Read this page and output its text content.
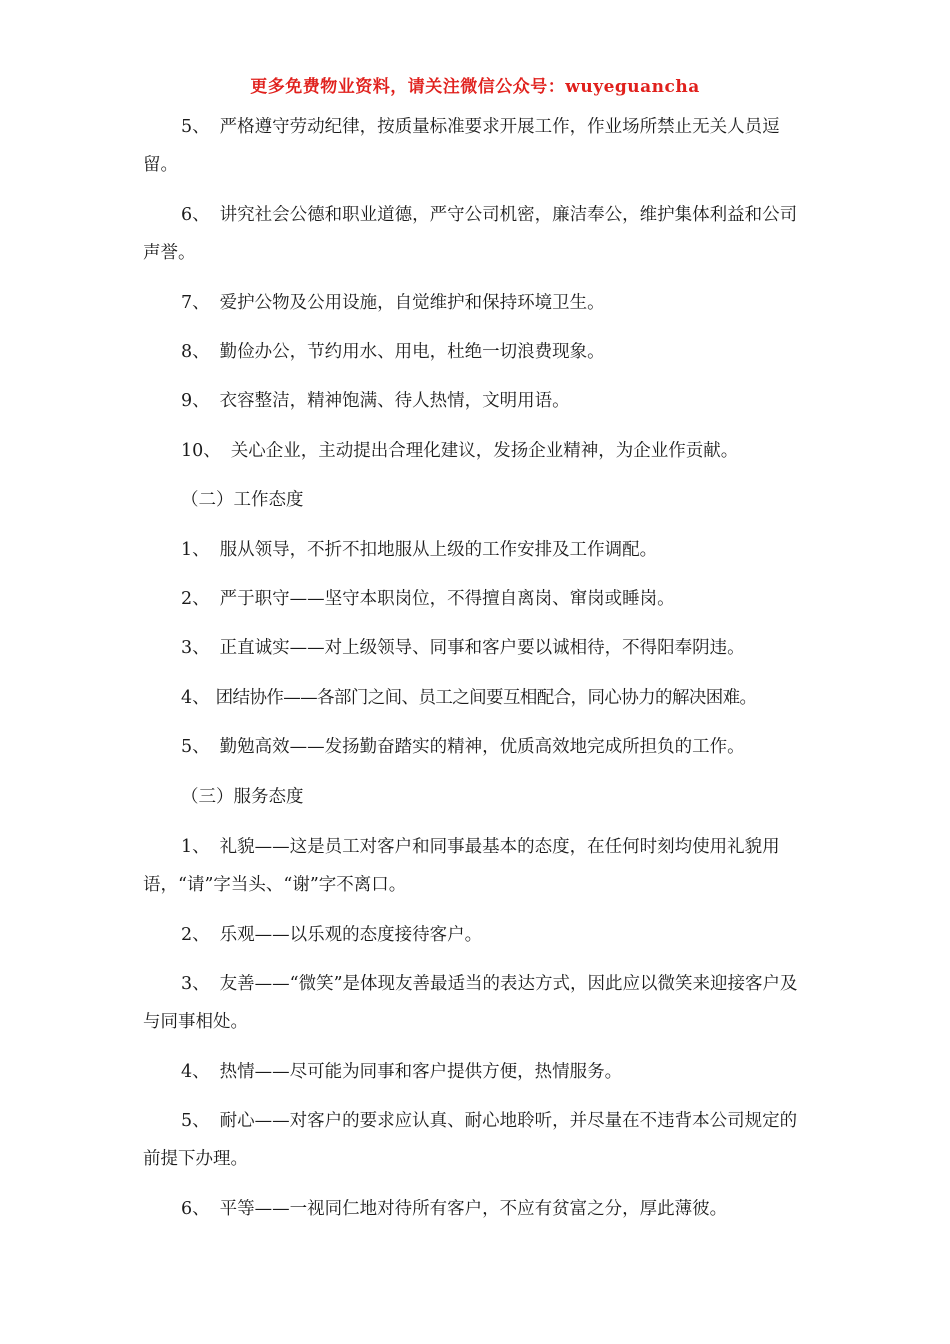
更多免费物业资料，请关注微信公众号：wuyeguancha
5、 严格遵守劳动纪律，按质量标准要求开展工作，作业场所禁止无关人员逗留。
6、 讲究社会公德和职业道德，严守公司机密，廉洁奉公，维护集体利益和公司声誉。
7、 爱护公物及公用设施，自觉维护和保持环境卫生。
8、 勤俭办公，节约用水、用电，杜绝一切浪费现象。
9、 衣容整洁，精神饱满、待人热情，文明用语。
10、 关心企业，主动提出合理化建议，发扬企业精神，为企业作贡献。
（二）工作态度
1、 服从领导，不折不扣地服从上级的工作安排及工作调配。
2、 严于职守——坚守本职岗位，不得擅自离岗、窜岗或睡岗。
3、 正直诚实——对上级领导、同事和客户要以诚相待，不得阳奉阴违。
4、 团结协作——各部门之间、员工之间要互相配合，同心协力的解决困难。
5、 勤勉高效——发扬勤奋踏实的精神，优质高效地完成所担负的工作。
（三）服务态度
1、 礼貌——这是员工对客户和同事最基本的态度，在任何时刻均使用礼貌用语，“请”字当头、“谢”字不离口。
2、 乐观——以乐观的态度接待客户。
3、 友善——“微笑”是体现友善最适当的表达方式，因此应以微笑来迎接客户及与同事相处。
4、 热情——尽可能为同事和客户提供方便，热情服务。
5、 耐心——对客户的要求应认真、耐心地聆听，并尽量在不违背本公司规定的前提下办理。
6、 平等——一视同仁地对待所有客户，不应有贫富之分，厚此薄彼。
